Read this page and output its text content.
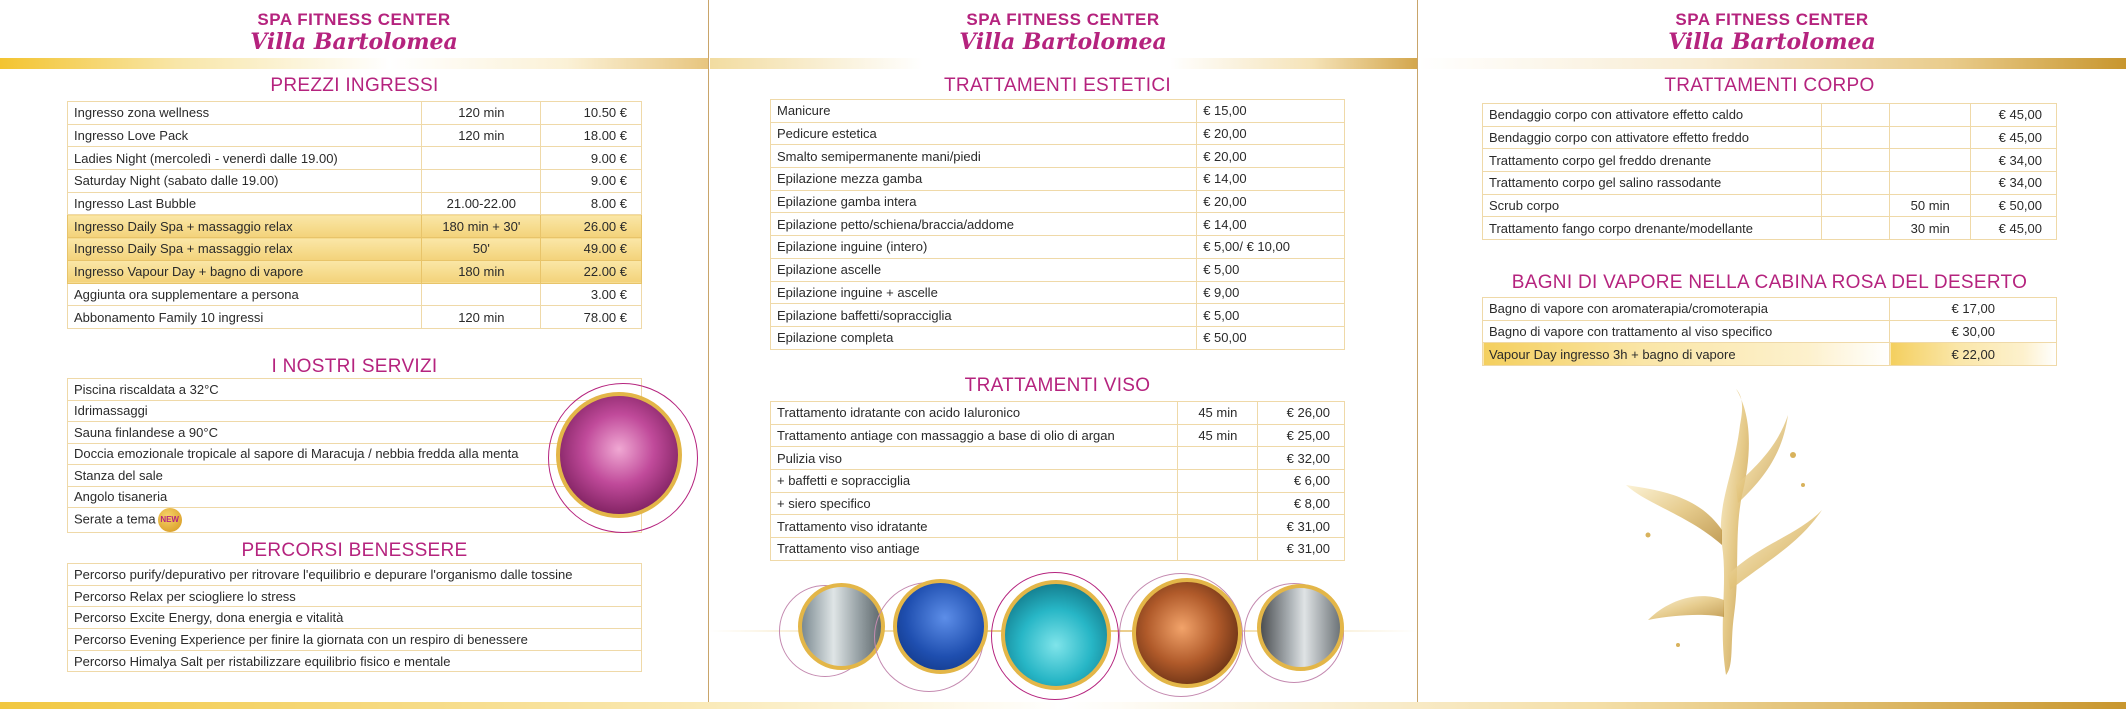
SPA FITNESS CENTER
Villa Bartolomea
PREZZI INGRESSI
Ingresso zona wellness	120 min	10.50 €
Ingresso Love Pack	120 min	18.00 €
Ladies Night (mercoledì - venerdì dalle 19.00)		9.00 €
Saturday Night (sabato dalle 19.00)		9.00 €
Ingresso Last Bubble	21.00-22.00	8.00 €
Ingresso Daily Spa + massaggio relax	180 min + 30'	26.00 €
Ingresso Daily Spa + massaggio relax	50'	49.00 €
Ingresso Vapour Day + bagno di vapore	180 min	22.00 €
Aggiunta ora supplementare a persona		3.00 €
Abbonamento Family 10 ingressi	120 min	78.00 €
I NOSTRI SERVIZI
Piscina riscaldata a 32°C
Idrimassaggi
Sauna finlandese a 90°C
Doccia emozionale tropicale al sapore di Maracuja / nebbia fredda alla menta
Stanza del sale
Angolo tisaneria
Serate a tema NEW
PERCORSI BENESSERE
Percorso purify/depurativo per ritrovare l'equilibrio e depurare l'organismo dalle tossine
Percorso Relax per sciogliere lo stress
Percorso Excite Energy, dona energia e vitalità
Percorso Evening Experience per finire la giornata con un respiro di benessere
Percorso Himalya Salt per ristabilizzare equilibrio fisico e mentale
SPA FITNESS CENTER
Villa Bartolomea
TRATTAMENTI ESTETICI
Manicure	€ 15,00
Pedicure estetica	€ 20,00
Smalto semipermanente mani/piedi	€ 20,00
Epilazione mezza gamba	€ 14,00
Epilazione gamba intera	€ 20,00
Epilazione petto/schiena/braccia/addome	€ 14,00
Epilazione inguine (intero)	€ 5,00/ € 10,00
Epilazione ascelle	€ 5,00
Epilazione inguine + ascelle	€ 9,00
Epilazione baffetti/sopracciglia	€ 5,00
Epilazione completa	€ 50,00
TRATTAMENTI VISO
Trattamento idratante con acido Ialuronico	45 min	€ 26,00
Trattamento antiage con massaggio a base di olio di argan	45 min	€ 25,00
Pulizia viso		€ 32,00
+ baffetti e sopracciglia		€ 6,00
+ siero specifico		€ 8,00
Trattamento viso idratante		€ 31,00
Trattamento viso antiage		€ 31,00
SPA FITNESS CENTER
Villa Bartolomea
TRATTAMENTI CORPO
Bendaggio corpo con attivatore effetto caldo			€ 45,00
Bendaggio corpo con attivatore effetto freddo			€ 45,00
Trattamento corpo gel freddo drenante			€ 34,00
Trattamento corpo gel salino rassodante			€ 34,00
Scrub corpo		50 min	€ 50,00
Trattamento fango corpo drenante/modellante		30 min	€ 45,00
BAGNI DI VAPORE NELLA CABINA ROSA DEL DESERTO
Bagno di vapore con aromaterapia/cromoterapia	€ 17,00
Bagno di vapore con trattamento al viso specifico	€ 30,00
Vapour Day ingresso 3h + bagno di vapore	€ 22,00
